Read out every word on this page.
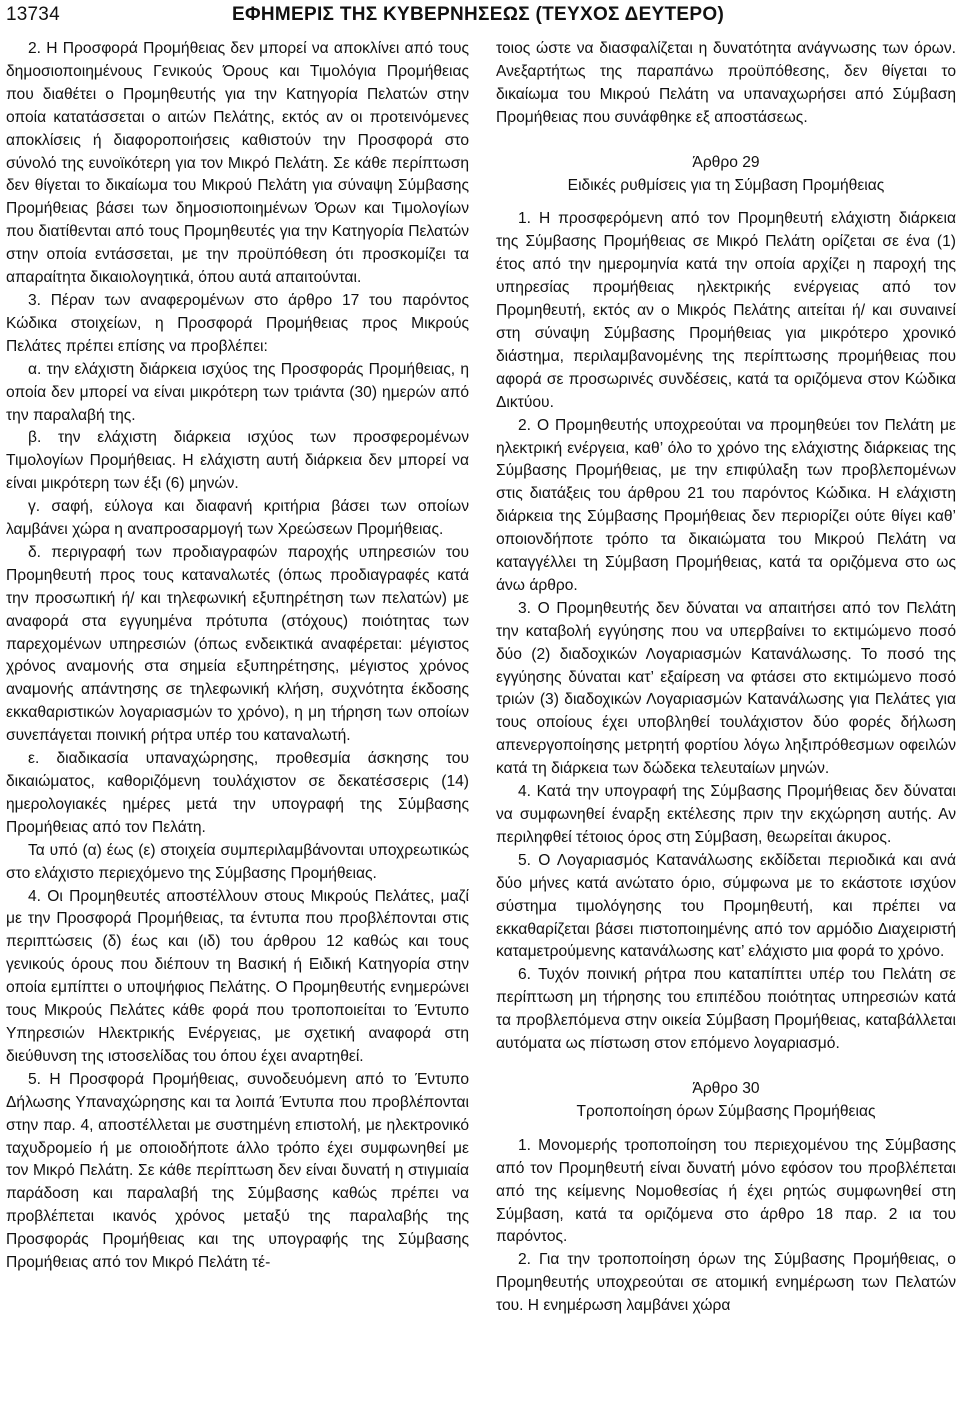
13734	ΕΦΗΜΕΡΙΣ ΤΗΣ ΚΥΒΕΡΝΗΣΕΩΣ (ΤΕΥΧΟΣ ΔΕΥΤΕΡΟ)

2. Η Προσφορά Προμήθειας δεν μπορεί να αποκλίνει από τους δημοσιοποιημένους Γενικούς Όρους και Τιμολόγια Προμήθειας που διαθέτει ο Προμηθευτής για την Κατηγορία Πελατών στην οποία κατατάσσεται ο αιτών Πελάτης, εκτός αν οι προτεινόμενες αποκλίσεις ή διαφοροποιήσεις καθιστούν την Προσφορά στο σύνολό της ευνοϊκότερη για τον Μικρό Πελάτη. Σε κάθε περίπτωση δεν θίγεται το δικαίωμα του Μικρού Πελάτη για σύναψη Σύμβασης Προμήθειας βάσει των δημοσιοποιημένων Όρων και Τιμολογίων που διατίθενται από τους Προμηθευτές για την Κατηγορία Πελατών στην οποία εντάσσεται, με την προϋπόθεση ότι προσκομίζει τα απαραίτητα δικαιολογητικά, όπου αυτά απαιτούνται.

3. Πέραν των αναφερομένων στο άρθρο 17 του παρόντος Κώδικα στοιχείων, η Προσφορά Προμήθειας προς Μικρούς Πελάτες πρέπει επίσης να προβλέπει:

α. την ελάχιστη διάρκεια ισχύος της Προσφοράς Προμήθειας, η οποία δεν μπορεί να είναι μικρότερη των τριάντα (30) ημερών από την παραλαβή της.

β. την ελάχιστη διάρκεια ισχύος των προσφερομένων Τιμολογίων Προμήθειας. Η ελάχιστη αυτή διάρκεια δεν μπορεί να είναι μικρότερη των έξι (6) μηνών.

γ. σαφή, εύλογα και διαφανή κριτήρια βάσει των οποίων λαμβάνει χώρα η αναπροσαρμογή των Χρεώσεων Προμήθειας.

δ. περιγραφή των προδιαγραφών παροχής υπηρεσιών του Προμηθευτή προς τους καταναλωτές (όπως προδιαγραφές κατά την προσωπική ή/ και τηλεφωνική εξυπηρέτηση των πελατών) με αναφορά στα εγγυημένα πρότυπα (στόχους) ποιότητας των παρεχομένων υπηρεσιών (όπως ενδεικτικά αναφέρεται: μέγιστος χρόνος αναμονής στα σημεία εξυπηρέτησης, μέγιστος χρόνος αναμονής απάντησης σε τηλεφωνική κλήση, συχνότητα έκδοσης εκκαθαριστικών λογαριασμών το χρόνο), η μη τήρηση των οποίων συνεπάγεται ποινική ρήτρα υπέρ του καταναλωτή.

ε. διαδικασία υπαναχώρησης, προθεσμία άσκησης του δικαιώματος, καθοριζόμενη τουλάχιστον σε δεκατέσσερις (14) ημερολογιακές ημέρες μετά την υπογραφή της Σύμβασης Προμήθειας από τον Πελάτη.

Τα υπό (α) έως (ε) στοιχεία συμπεριλαμβάνονται υποχρεωτικώς στο ελάχιστο περιεχόμενο της Σύμβασης Προμήθειας.

4. Οι Προμηθευτές αποστέλλουν στους Μικρούς Πελάτες, μαζί με την Προσφορά Προμήθειας, τα έντυπα που προβλέπονται στις περιπτώσεις (δ) έως και (ιδ) του άρθρου 12 καθώς και τους γενικούς όρους που διέπουν τη Βασική ή Ειδική Κατηγορία στην οποία εμπίπτει ο υποψήφιος Πελάτης. Ο Προμηθευτής ενημερώνει τους Μικρούς Πελάτες κάθε φορά που τροποποιείται το Έντυπο Υπηρεσιών Ηλεκτρικής Ενέργειας, με σχετική αναφορά στη διεύθυνση της ιστοσελίδας του όπου έχει αναρτηθεί.

5. Η Προσφορά Προμήθειας, συνοδευόμενη από το Έντυπο Δήλωσης Υπαναχώρησης και τα λοιπά Έντυπα που προβλέπονται στην παρ. 4, αποστέλλεται με συστημένη επιστολή, με ηλεκτρονικό ταχυδρομείο ή με οποιοδήποτε άλλο τρόπο έχει συμφωνηθεί με τον Μικρό Πελάτη. Σε κάθε περίπτωση δεν είναι δυνατή η στιγμιαία παράδοση και παραλαβή της Σύμβασης καθώς πρέπει να προβλέπεται ικανός χρόνος μεταξύ της παραλαβής της Προσφοράς Προμήθειας και της υπογραφής της Σύμβασης Προμήθειας από τον Μικρό Πελάτη τέ-

τοιος ώστε να διασφαλίζεται η δυνατότητα ανάγνωσης των όρων. Ανεξαρτήτως της παραπάνω προϋπόθεσης, δεν θίγεται το δικαίωμα του Μικρού Πελάτη να υπαναχωρήσει από Σύμβαση Προμήθειας που συνάφθηκε εξ αποστάσεως.

Άρθρο 29
Ειδικές ρυθμίσεις για τη Σύμβαση Προμήθειας

1. Η προσφερόμενη από τον Προμηθευτή ελάχιστη διάρκεια της Σύμβασης Προμήθειας σε Μικρό Πελάτη ορίζεται σε ένα (1) έτος από την ημερομηνία κατά την οποία αρχίζει η παροχή της υπηρεσίας προμήθειας ηλεκτρικής ενέργειας από τον Προμηθευτή, εκτός αν ο Μικρός Πελάτης αιτείται ή/ και συναινεί στη σύναψη Σύμβασης Προμήθειας για μικρότερο χρονικό διάστημα, περιλαμβανομένης της περίπτωσης προμήθειας που αφορά σε προσωρινές συνδέσεις, κατά τα οριζόμενα στον Κώδικα Δικτύου.

2. Ο Προμηθευτής υποχρεούται να προμηθεύει τον Πελάτη με ηλεκτρική ενέργεια, καθ’ όλο το χρόνο της ελάχιστης διάρκειας της Σύμβασης Προμήθειας, με την επιφύλαξη των προβλεπομένων στις διατάξεις του άρθρου 21 του παρόντος Κώδικα. Η ελάχιστη διάρκεια της Σύμβασης Προμήθειας δεν περιορίζει ούτε θίγει καθ’ οποιονδήποτε τρόπο τα δικαιώματα του Μικρού Πελάτη να καταγγέλλει τη Σύμβαση Προμήθειας, κατά τα οριζόμενα στο ως άνω άρθρο.

3. Ο Προμηθευτής δεν δύναται να απαιτήσει από τον Πελάτη την καταβολή εγγύησης που να υπερβαίνει το εκτιμώμενο ποσό δύο (2) διαδοχικών Λογαριασμών Κατανάλωσης. Το ποσό της εγγύησης δύναται κατ’ εξαίρεση να φτάσει στο εκτιμώμενο ποσό τριών (3) διαδοχικών Λογαριασμών Κατανάλωσης για Πελάτες για τους οποίους έχει υποβληθεί τουλάχιστον δύο φορές δήλωση απενεργοποίησης μετρητή φορτίου λόγω ληξιπρόθεσμων οφειλών κατά τη διάρκεια των δώδεκα τελευταίων μηνών.

4. Κατά την υπογραφή της Σύμβασης Προμήθειας δεν δύναται να συμφωνηθεί έναρξη εκτέλεσης πριν την εκχώρηση αυτής. Αν περιληφθεί τέτοιος όρος στη Σύμβαση, θεωρείται άκυρος.

5. Ο Λογαριασμός Κατανάλωσης εκδίδεται περιοδικά και ανά δύο μήνες κατά ανώτατο όριο, σύμφωνα με το εκάστοτε ισχύον σύστημα τιμολόγησης του Προμηθευτή, και πρέπει να εκκαθαρίζεται βάσει πιστοποιημένης από τον αρμόδιο Διαχειριστή καταμετρούμενης κατανάλωσης κατ’ ελάχιστο μια φορά το χρόνο.

6. Τυχόν ποινική ρήτρα που καταπίπτει υπέρ του Πελάτη σε περίπτωση μη τήρησης του επιπέδου ποιότητας υπηρεσιών κατά τα προβλεπόμενα στην οικεία Σύμβαση Προμήθειας, καταβάλλεται αυτόματα ως πίστωση στον επόμενο λογαριασμό.

Άρθρο 30
Τροποποίηση όρων Σύμβασης Προμήθειας

1. Μονομερής τροποποίηση του περιεχομένου της Σύμβασης από τον Προμηθευτή είναι δυνατή μόνο εφόσον του προβλέπεται από της κείμενης Νομοθεσίας ή έχει ρητώς συμφωνηθεί στη Σύμβαση, κατά τα οριζόμενα στο άρθρο 18 παρ. 2 ια του παρόντος.

2. Για την τροποποίηση όρων της Σύμβασης Προμήθειας, ο Προμηθευτής υποχρεούται σε ατομική ενημέρωση των Πελατών του. Η ενημέρωση λαμβάνει χώρα
